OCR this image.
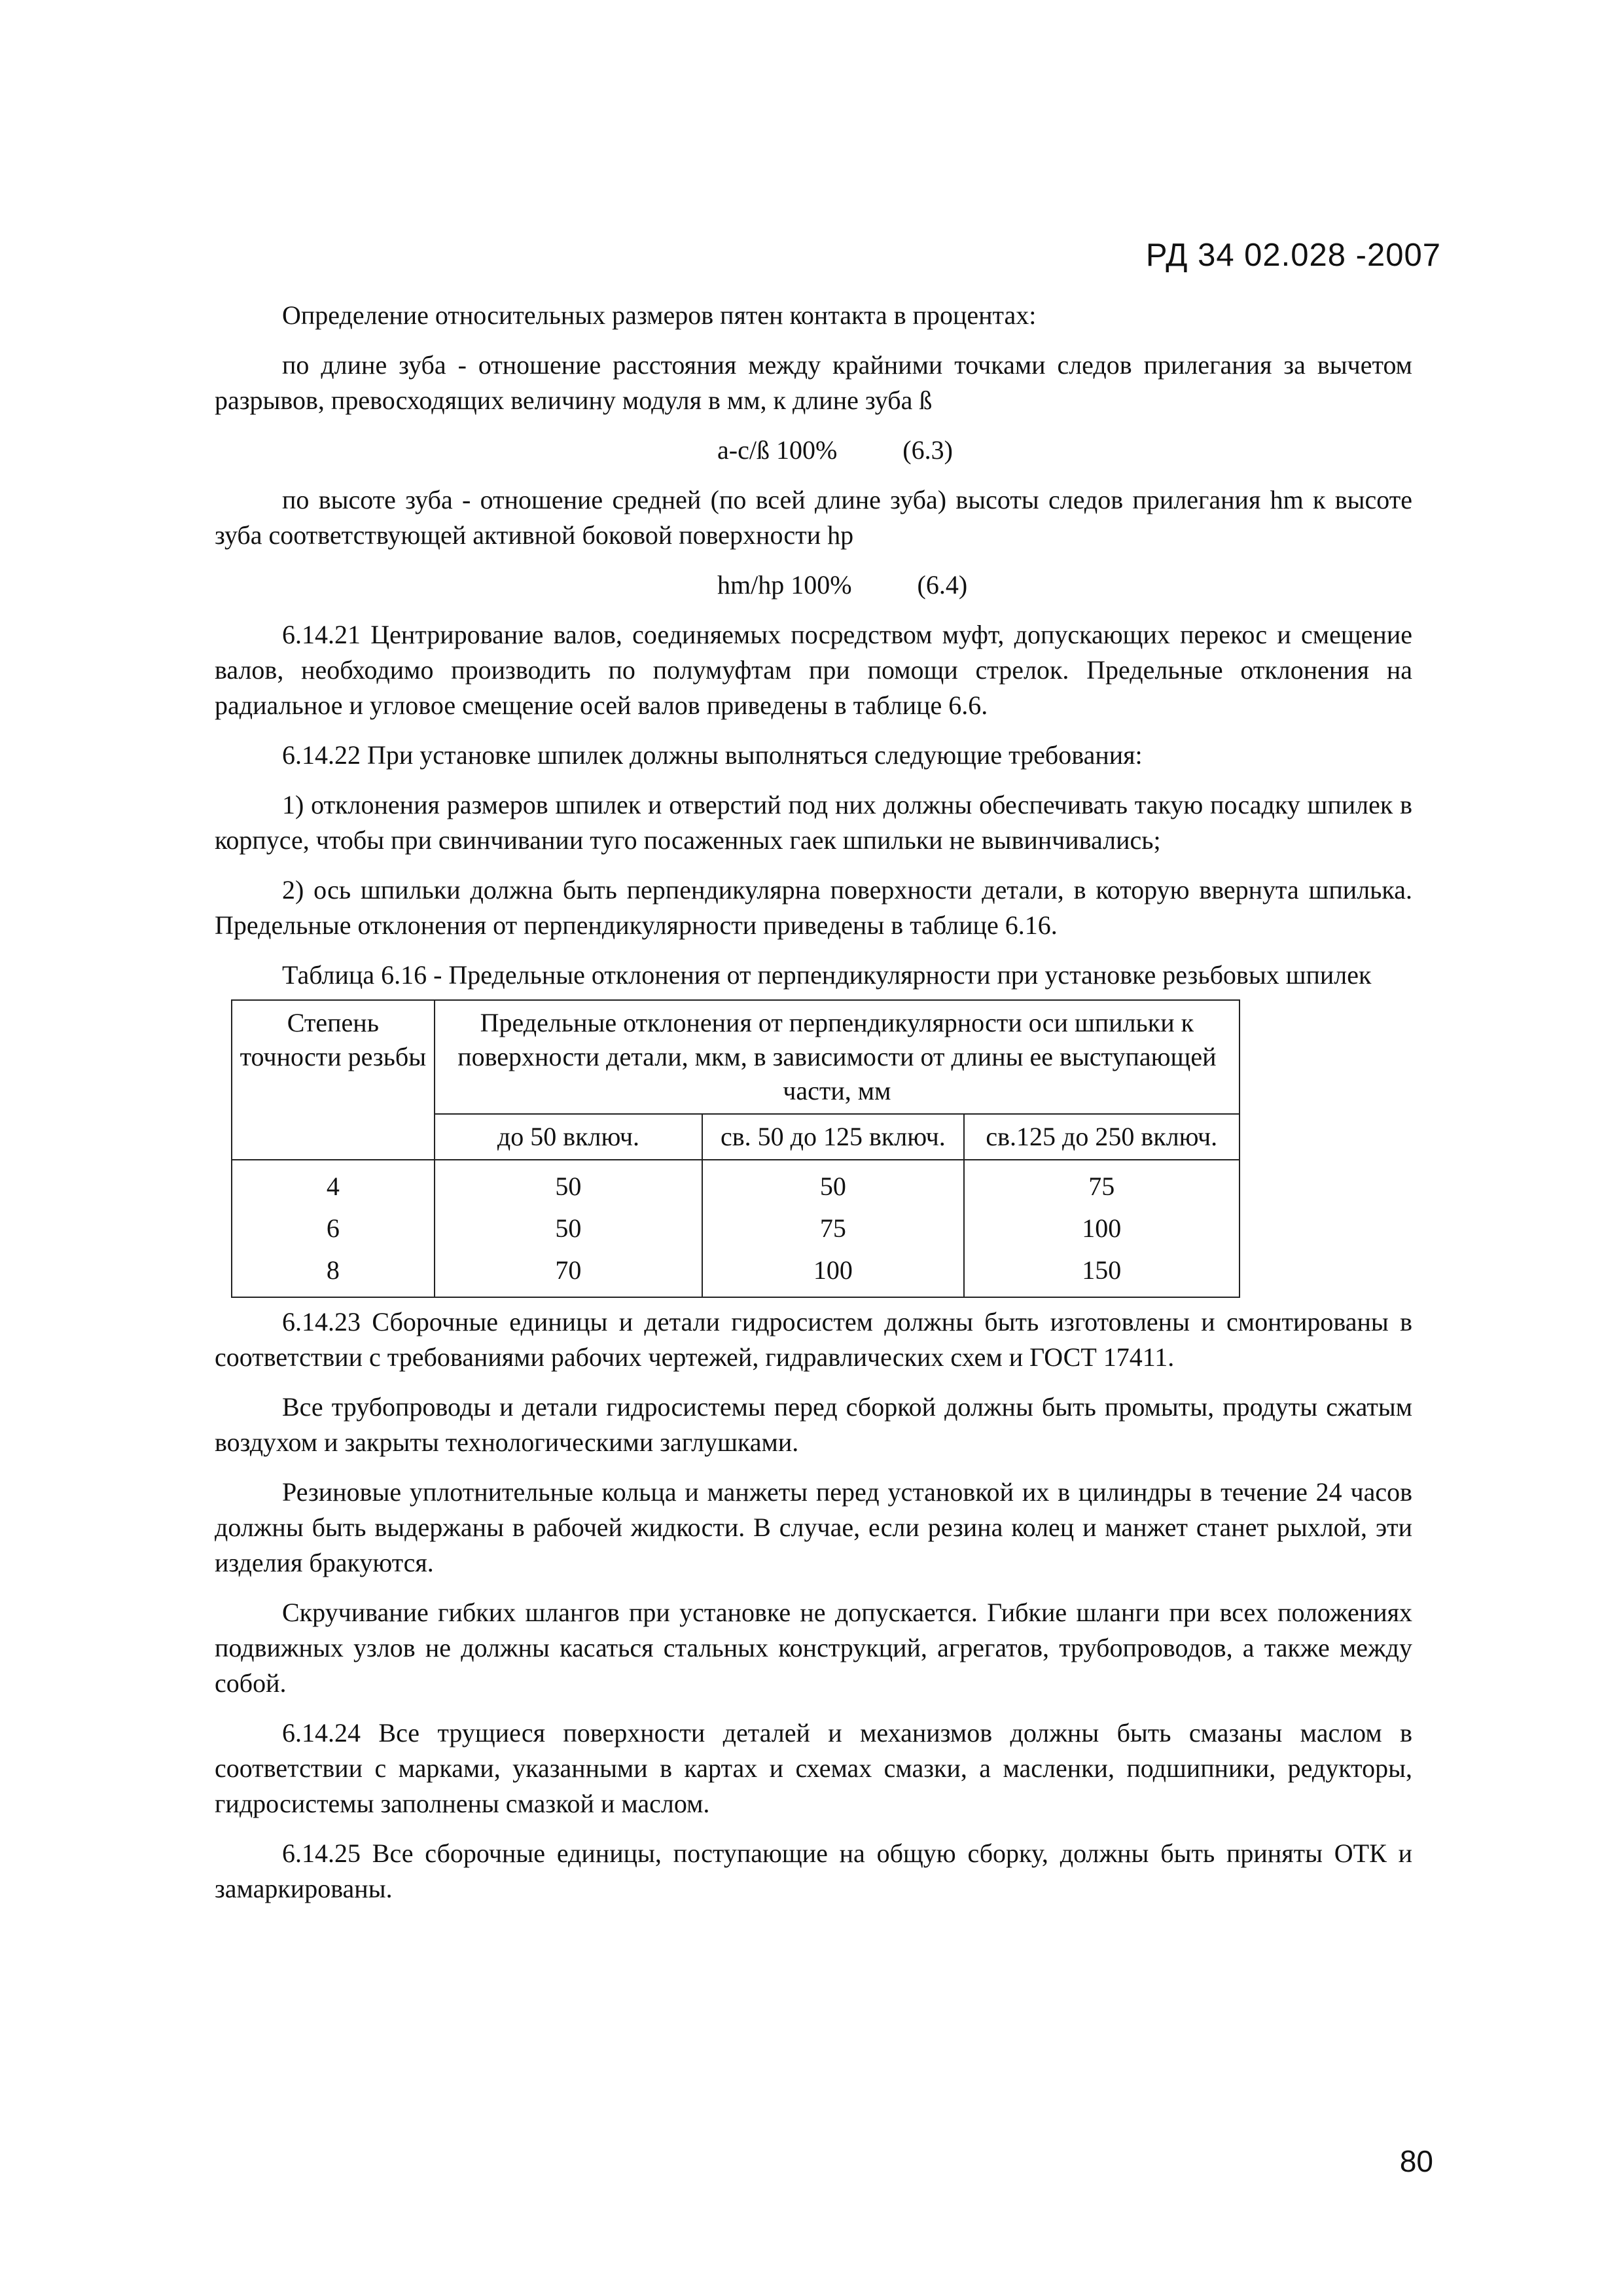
РД 34 02.028 -2007

Определение относительных размеров пятен контакта в процентах:

по длине зуба - отношение расстояния между крайними точками следов прилегания за вычетом разрывов, превосходящих величину модуля в мм, к длине зуба ß

а-с/ß 100%	(6.3)

по высоте зуба - отношение средней (по всей длине зуба) высоты следов прилегания hm к высоте зуба соответствующей активной боковой поверхности hp

hm/hp 100%	(6.4)

6.14.21 Центрирование валов, соединяемых посредством муфт, допускающих перекос и смещение валов, необходимо производить по полумуфтам при помощи стрелок. Предельные отклонения на радиальное и угловое смещение осей валов приведены в таблице 6.6.

6.14.22 При установке шпилек должны выполняться следующие требования:

1) отклонения размеров шпилек и отверстий под них должны обеспечивать такую посадку шпилек в корпусе, чтобы при свинчивании туго посаженных гаек шпильки не вывинчивались;

2) ось шпильки должна быть перпендикулярна поверхности детали, в которую ввернута шпилька. Предельные отклонения от перпендикулярности приведены в таблице 6.16.

Таблица 6.16 - Предельные отклонения от перпендикулярности при установке резьбовых шпилек

Степень точности резьбы	Предельные отклонения от перпендикулярности оси шпильки к поверхности детали, мкм, в зависимости от длины ее выступающей части, мм		
	до 50 включ.	св. 50 до 125 включ.	св.125 до 250 включ.
4	50	50	75
6	50	75	100
8	70	100	150

6.14.23 Сборочные единицы и детали гидросистем должны быть изготовлены и смонтированы в соответствии с требованиями рабочих чертежей, гидравлических схем и ГОСТ 17411.

Все трубопроводы и детали гидросистемы перед сборкой должны быть промыты, продуты сжатым воздухом и закрыты технологическими заглушками.

Резиновые уплотнительные кольца и манжеты перед установкой их в цилиндры в течение 24 часов должны быть выдержаны в рабочей жидкости. В случае, если резина колец и манжет станет рыхлой, эти изделия бракуются.

Скручивание гибких шлангов при установке не допускается. Гибкие шланги при всех положениях подвижных узлов не должны касаться стальных конструкций, агрегатов, трубопроводов, а также между собой.

6.14.24 Все трущиеся поверхности деталей и механизмов должны быть смазаны маслом в соответствии с марками, указанными в картах и схемах смазки, а масленки, подшипники, редукторы, гидросистемы заполнены смазкой и маслом.

6.14.25 Все сборочные единицы, поступающие на общую сборку, должны быть приняты ОТК и замаркированы.

80
